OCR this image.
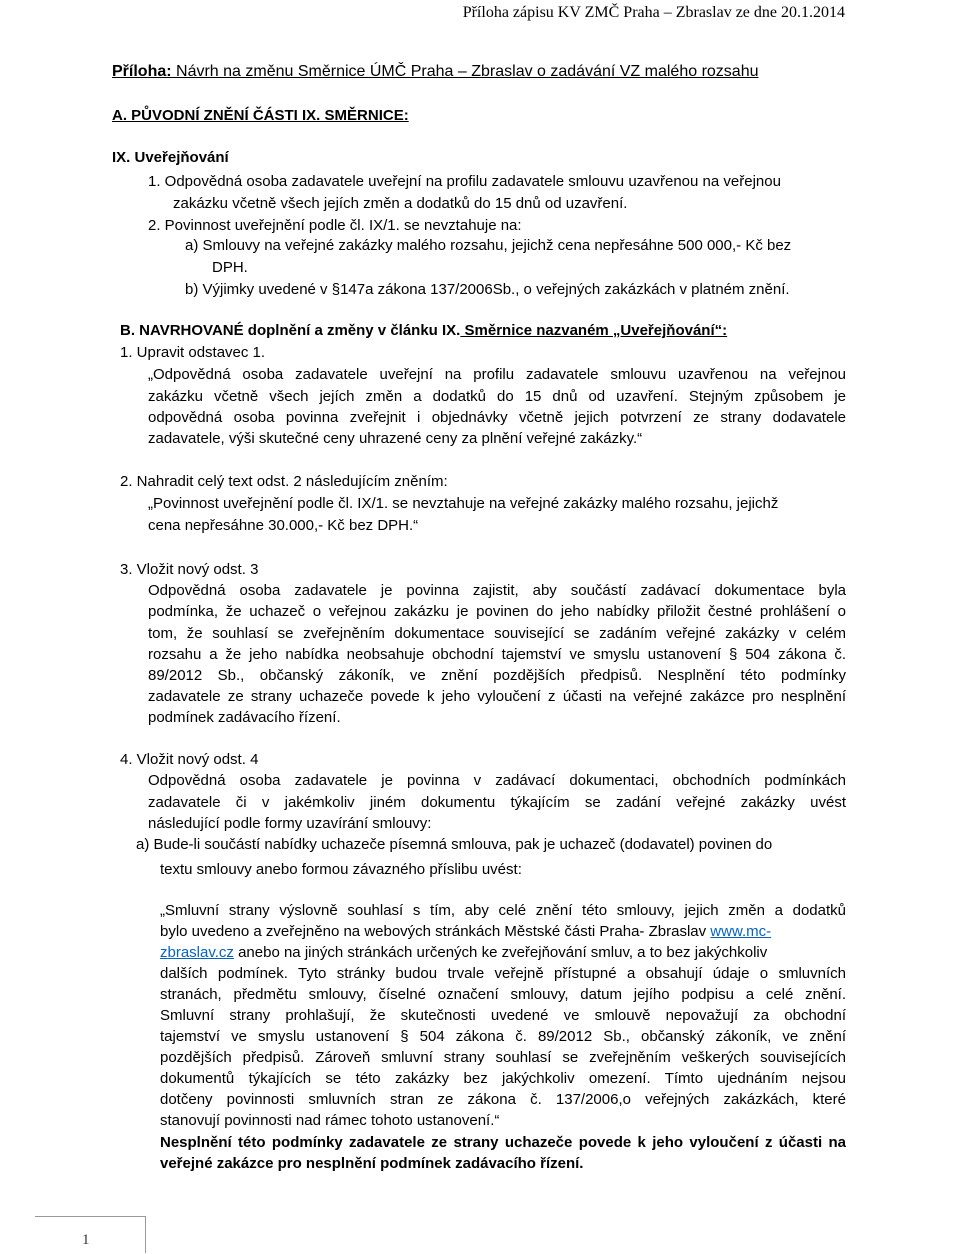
Příloha zápisu KV ZMČ Praha – Zbraslav ze dne 20.1.2014
Příloha: Návrh na změnu Směrnice ÚMČ Praha – Zbraslav o zadávání VZ malého rozsahu
A. PŮVODNÍ ZNĚNÍ ČÁSTI IX. SMĚRNICE:
IX. Uveřejňování
1. Odpovědná osoba zadavatele uveřejní na profilu zadavatele smlouvu uzavřenou na veřejnou
zakázku včetně všech jejích změn a dodatků do 15 dnů od uzavření.
2. Povinnost uveřejnění podle čl. IX/1. se nevztahuje na:
a) Smlouvy na veřejné zakázky malého rozsahu, jejichž cena nepřesáhne 500 000,- Kč bez
DPH.
b) Výjimky uvedené v §147a zákona 137/2006Sb., o veřejných zakázkách v platném znění.
B. NAVRHOVANÉ doplnění a změny v článku IX. Směrnice nazvaném „Uveřejňování“:
1. Upravit odstavec 1.
„Odpovědná osoba zadavatele uveřejní na profilu zadavatele smlouvu uzavřenou na veřejnou
zakázku včetně všech jejích změn a dodatků do 15 dnů od uzavření. Stejným způsobem je
odpovědná osoba povinna zveřejnit i objednávky včetně jejich potvrzení ze strany dodavatele
zadavatele, výši skutečné ceny uhrazené ceny za plnění veřejné zakázky.“
2. Nahradit celý text odst. 2 následujícím zněním:
„Povinnost uveřejnění podle čl. IX/1. se nevztahuje na veřejné zakázky malého rozsahu, jejichž
cena nepřesáhne 30.000,- Kč bez DPH.“
3. Vložit nový odst. 3
Odpovědná osoba zadavatele je povinna zajistit, aby součástí zadávací dokumentace byla
podmínka, že uchazeč o veřejnou zakázku je povinen do jeho nabídky přiložit čestné prohlášení o
tom, že souhlasí se zveřejněním dokumentace související se zadáním veřejné zakázky v celém
rozsahu a že jeho nabídka neobsahuje obchodní tajemství ve smyslu ustanovení § 504 zákona č.
89/2012 Sb., občanský zákoník, ve znění pozdějších předpisů. Nesplnění této podmínky
zadavatele ze strany uchazeče povede k jeho vyloučení z účasti na veřejné zakázce pro nesplnění
podmínek zadávacího řízení.
4. Vložit nový odst. 4
Odpovědná osoba zadavatele je povinna v zadávací dokumentaci, obchodních podmínkách
zadavatele či v jakémkoliv jiném dokumentu týkajícím se zadání veřejné zakázky uvést
následující podle formy uzavírání smlouvy:
a) Bude-li součástí nabídky uchazeče písemná smlouva, pak je uchazeč (dodavatel) povinen do
textu smlouvy anebo formou závazného příslibu uvést:
„Smluvní strany výslovně souhlasí s tím, aby celé znění této smlouvy, jejich změn a dodatků
bylo uvedeno a zveřejněno na webových stránkách Městské části Praha- Zbraslav www.mc-
zbraslav.cz anebo na jiných stránkách určených ke zveřejňování smluv, a to bez jakýchkoliv
dalších podmínek. Tyto stránky budou trvale veřejně přístupné a obsahují údaje o smluvních
stranách, předmětu smlouvy, číselné označení smlouvy, datum jejího podpisu a celé znění.
Smluvní strany prohlašují, že skutečnosti uvedené ve smlouvě nepovažují za obchodní
tajemství ve smyslu ustanovení § 504 zákona č. 89/2012 Sb., občanský zákoník, ve znění
pozdějších předpisů. Zároveň smluvní strany souhlasí se zveřejněním veškerých souvisejících
dokumentů týkajících se této zakázky bez jakýchkoliv omezení. Tímto ujednáním nejsou
dotčeny povinnosti smluvních stran ze zákona č. 137/2006,o veřejných zakázkách, které
stanovují povinnosti nad rámec tohoto ustanovení.“
Nesplnění této podmínky zadavatele ze strany uchazeče povede k jeho vyloučení z účasti na
veřejné zakázce pro nesplnění podmínek zadávacího řízení.
1
